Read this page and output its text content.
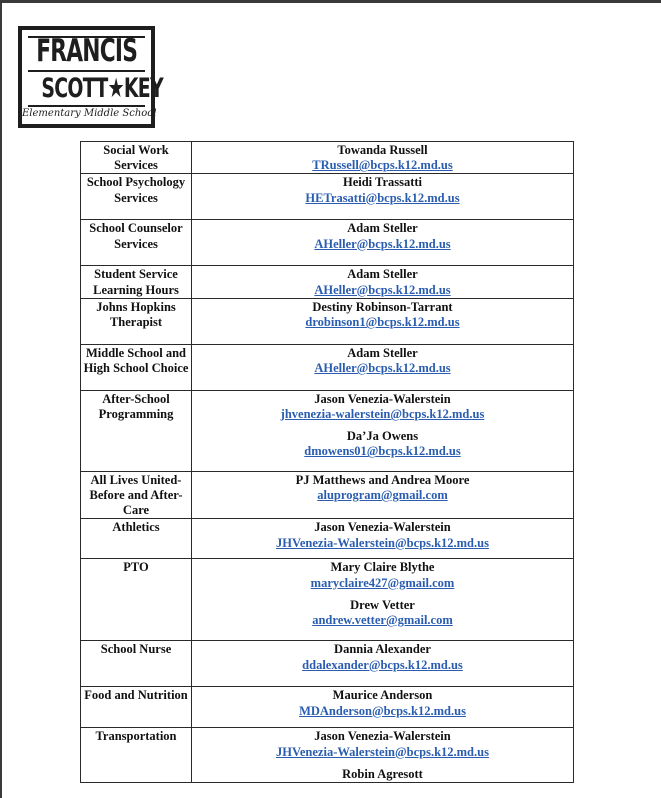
FRANCIS
SCOTT★KEY
Elementary Middle School
Social Work Services	Towanda Russell
TRussell@bcps.k12.md.us

School Psychology Services	Heidi Trassatti
HETrasatti@bcps.k12.md.us

School Counselor Services	Adam Steller
AHeller@bcps.k12.md.us

Student Service Learning Hours	Adam Steller
AHeller@bcps.k12.md.us

Johns Hopkins Therapist	Destiny Robinson-Tarrant
drobinson1@bcps.k12.md.us

Middle School and High School Choice	Adam Steller
AHeller@bcps.k12.md.us

After-School Programming	Jason Venezia-Walerstein
jhvenezia-walerstein@bcps.k12.md.us
Da’Ja Owens
dmowens01@bcps.k12.md.us

All Lives United-Before and After-Care	PJ Matthews and Andrea Moore
aluprogram@gmail.com

Athletics	Jason Venezia-Walerstein
JHVenezia-Walerstein@bcps.k12.md.us

PTO	Mary Claire Blythe
maryclaire427@gmail.com
Drew Vetter
andrew.vetter@gmail.com

School Nurse	Dannia Alexander
ddalexander@bcps.k12.md.us

Food and Nutrition	Maurice Anderson
MDAnderson@bcps.k12.md.us

Transportation	Jason Venezia-Walerstein
JHVenezia-Walerstein@bcps.k12.md.us
Robin Agresott
